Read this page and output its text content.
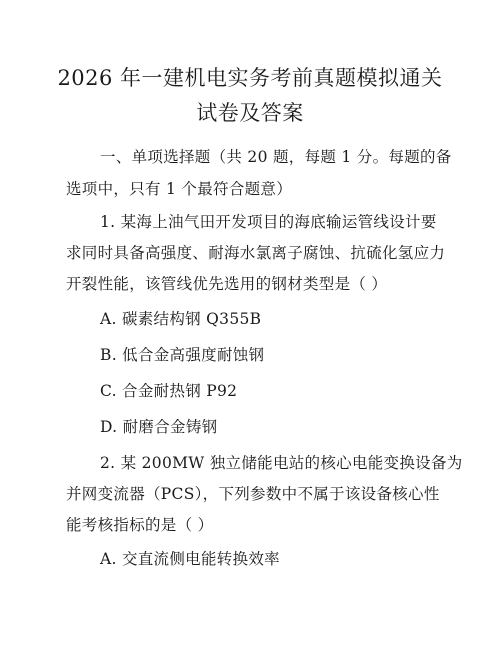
2026 年一建机电实务考前真题模拟通关
试卷及答案
一、单项选择题（共 20 题，每题 1 分。每题的备
选项中，只有 1 个最符合题意）
1. 某海上油气田开发项目的海底输运管线设计要
求同时具备高强度、耐海水氯离子腐蚀、抗硫化氢应力
开裂性能，该管线优先选用的钢材类型是（ ）
A. 碳素结构钢 Q355B
B. 低合金高强度耐蚀钢
C. 合金耐热钢 P92
D. 耐磨合金铸钢
2. 某 200MW 独立储能电站的核心电能变换设备为
并网变流器（PCS），下列参数中不属于该设备核心性
能考核指标的是（ ）
A. 交直流侧电能转换效率
